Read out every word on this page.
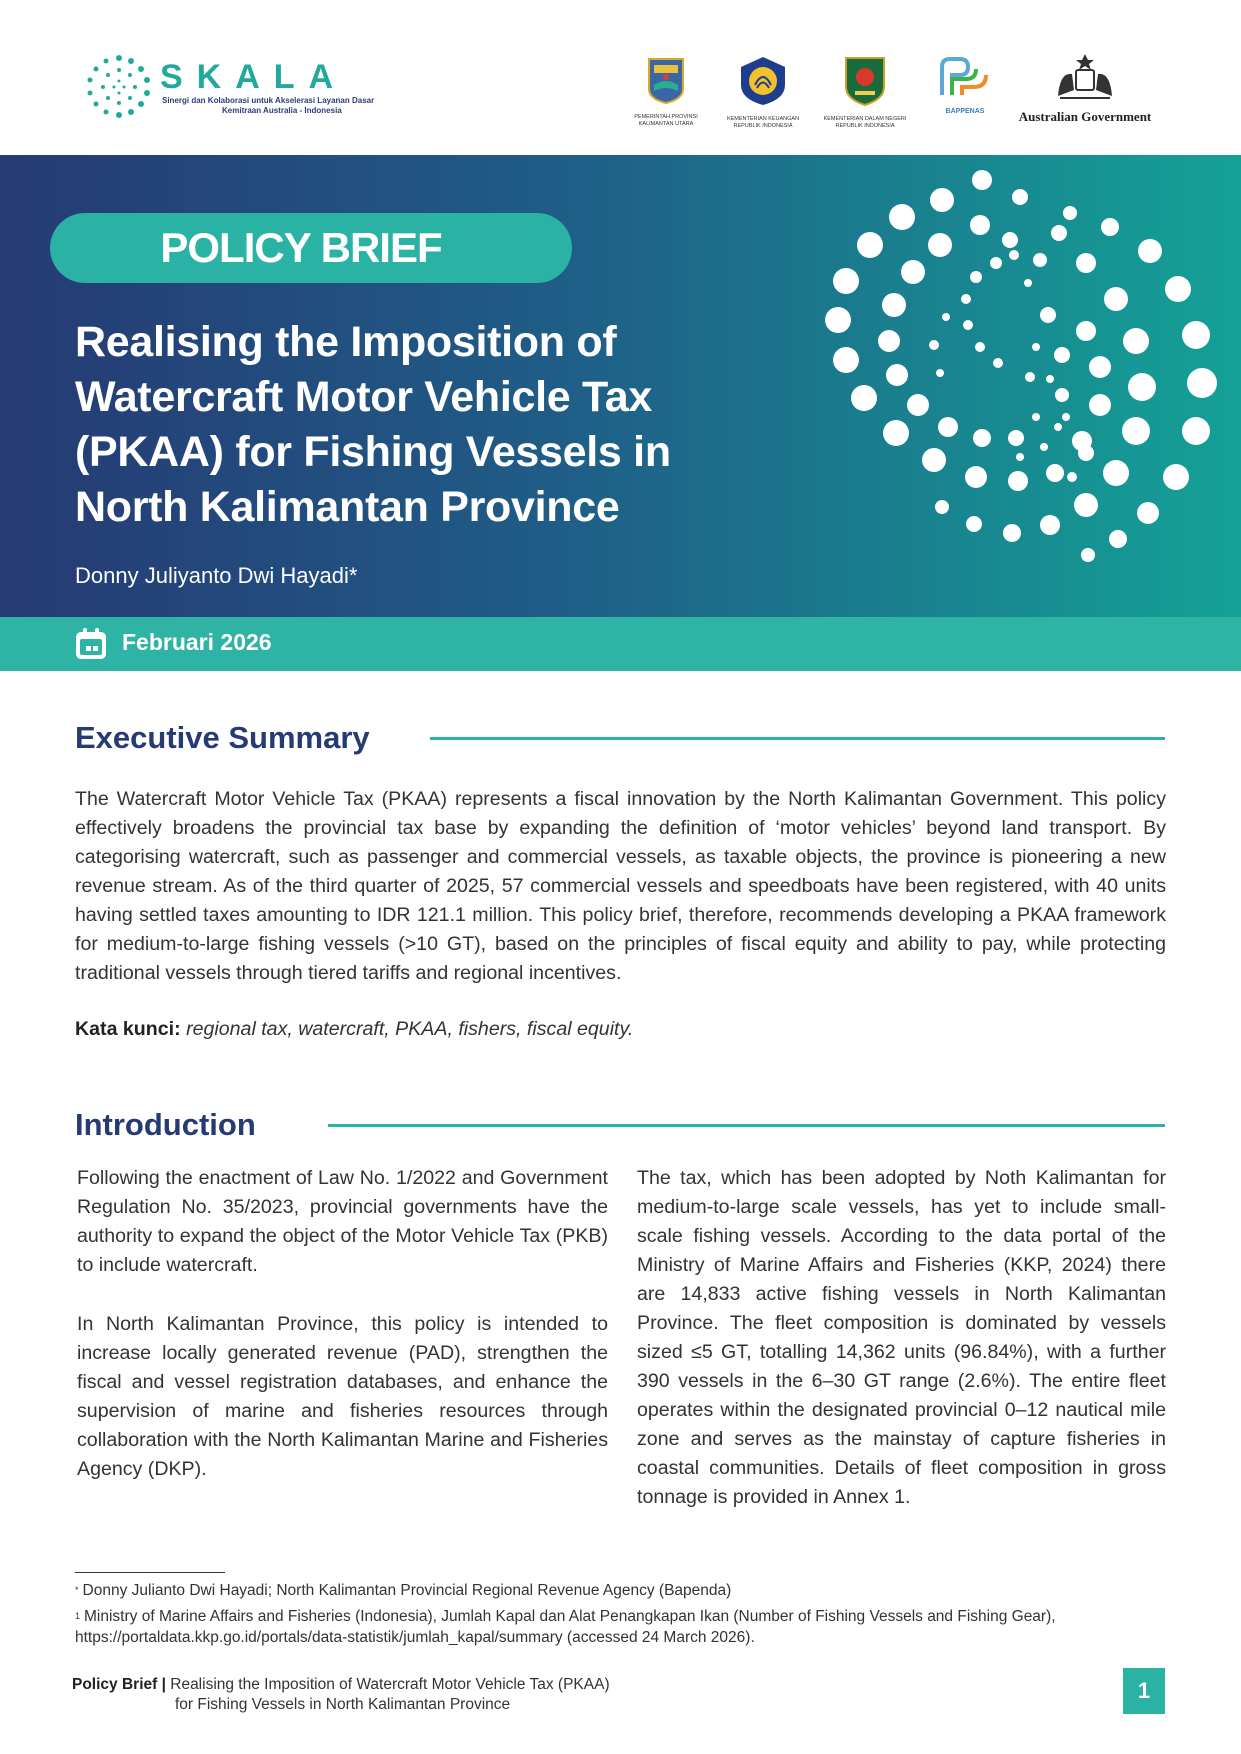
SKALA
Sinergi dan Kolaborasi untuk Akselerasi Layanan Dasar
Kemitraan Australia - Indonesia
PEMERINTAH PROVINSI KALIMANTAN UTARA
KEMENTERIAN KEUANGAN REPUBLIK INDONESIA
KEMENTERIAN DALAM NEGERI REPUBLIK INDONESIA
BAPPENAS	Australian Government
POLICY BRIEF
Realising the Imposition of Watercraft Motor Vehicle Tax (PKAA) for Fishing Vessels in North Kalimantan Province
Donny Juliyanto Dwi Hayadi*
Februari 2026
Executive Summary
The Watercraft Motor Vehicle Tax (PKAA) represents a fiscal innovation by the North Kalimantan Government. This policy effectively broadens the provincial tax base by expanding the definition of ‘motor vehicles’ beyond land transport. By categorising watercraft, such as passenger and commercial vessels, as taxable objects, the province is pioneering a new revenue stream. As of the third quarter of 2025, 57 commercial vessels and speedboats have been registered, with 40 units having settled taxes amounting to IDR 121.1 million. This policy brief, therefore, recommends developing a PKAA framework for medium-to-large fishing vessels (>10 GT), based on the principles of fiscal equity and ability to pay, while protecting traditional vessels through tiered tariffs and regional incentives.
Kata kunci: regional tax, watercraft, PKAA, fishers, fiscal equity.
Introduction
Following the enactment of Law No. 1/2022 and Government Regulation No. 35/2023, provincial governments have the authority to expand the object of the Motor Vehicle Tax (PKB) to include watercraft.
In North Kalimantan Province, this policy is intended to increase locally generated revenue (PAD), strengthen the fiscal and vessel registration databases, and enhance the supervision of marine and fisheries resources through collaboration with the North Kalimantan Marine and Fisheries Agency (DKP).
The tax, which has been adopted by Noth Kalimantan for medium-to-large scale vessels, has yet to include small-scale fishing vessels. According to the data portal of the Ministry of Marine Affairs and Fisheries (KKP, 2024) there are 14,833 active fishing vessels in North Kalimantan Province. The fleet composition is dominated by vessels sized ≤5 GT, totalling 14,362 units (96.84%), with a further 390 vessels in the 6–30 GT range (2.6%). The entire fleet operates within the designated provincial 0–12 nautical mile zone and serves as the mainstay of capture fisheries in coastal communities. Details of fleet composition in gross tonnage is provided in Annex 1.
* Donny Julianto Dwi Hayadi; North Kalimantan Provincial Regional Revenue Agency (Bapenda)
$^1$ Ministry of Marine Affairs and Fisheries (Indonesia), Jumlah Kapal dan Alat Penangkapan Ikan (Number of Fishing Vessels and Fishing Gear), https://portaldata.kkp.go.id/portals/data-statistik/jumlah_kapal/summary (accessed 24 March 2026).
Policy Brief | Realising the Imposition of Watercraft Motor Vehicle Tax (PKAA)
for Fishing Vessels in North Kalimantan Province
1
